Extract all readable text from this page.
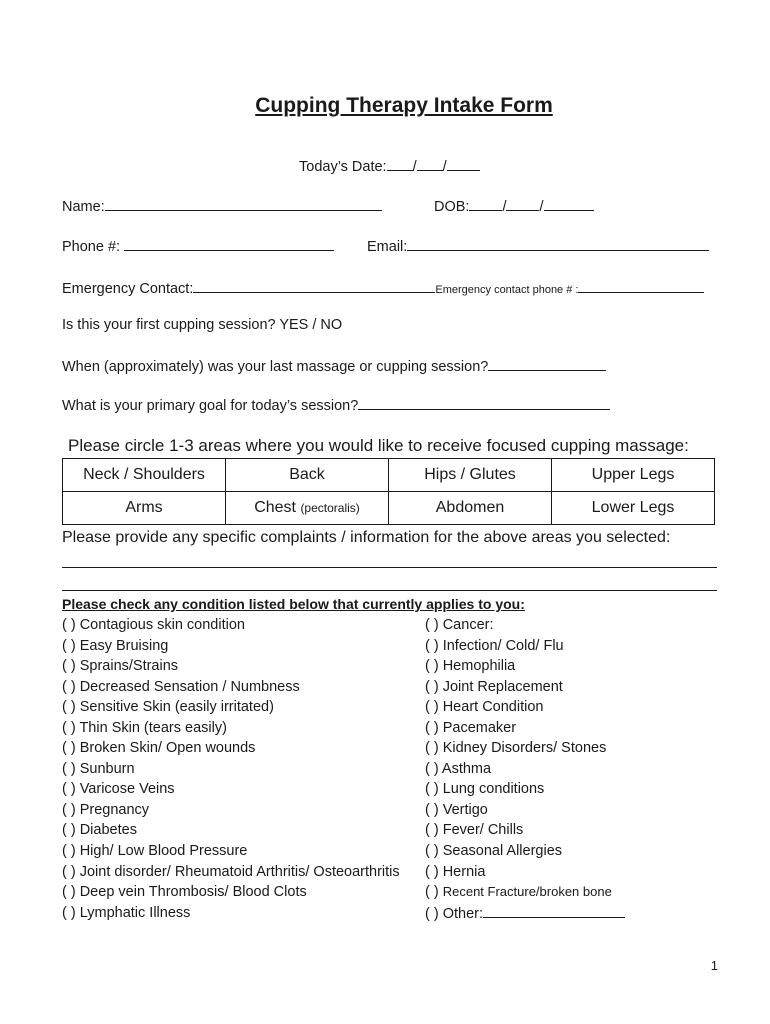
Cupping Therapy Intake Form
Today’s Date: / /
Name:	DOB: / /
Phone #:	Email:
Emergency Contact:	Emergency contact phone # :
Is this your first cupping session? YES / NO
When (approximately) was your last massage or cupping session?
What is your primary goal for today’s session?
Please circle 1-3 areas where you would like to receive focused cupping massage:
Neck / Shoulders	Back	Hips / Glutes	Upper Legs
Arms	Chest (pectoralis)	Abdomen	Lower Legs
Please provide any specific complaints / information for the above areas you selected:
Please check any condition listed below that currently applies to you:
( ) Contagious skin condition
( ) Easy Bruising
( ) Sprains/Strains
( ) Decreased Sensation / Numbness
( ) Sensitive Skin (easily irritated)
( ) Thin Skin (tears easily)
( ) Broken Skin/ Open wounds
( ) Sunburn
( ) Varicose Veins
( ) Pregnancy
( ) Diabetes
( ) High/ Low Blood Pressure
( ) Joint disorder/ Rheumatoid Arthritis/ Osteoarthritis
( ) Deep vein Thrombosis/ Blood Clots
( ) Lymphatic Illness
( ) Cancer:
( ) Infection/ Cold/ Flu
( ) Hemophilia
( ) Joint Replacement
( ) Heart Condition
( ) Pacemaker
( ) Kidney Disorders/ Stones
( ) Asthma
( ) Lung conditions
( ) Vertigo
( ) Fever/ Chills
( ) Seasonal Allergies
( ) Hernia
( ) Recent Fracture/broken bone
( ) Other:
1
